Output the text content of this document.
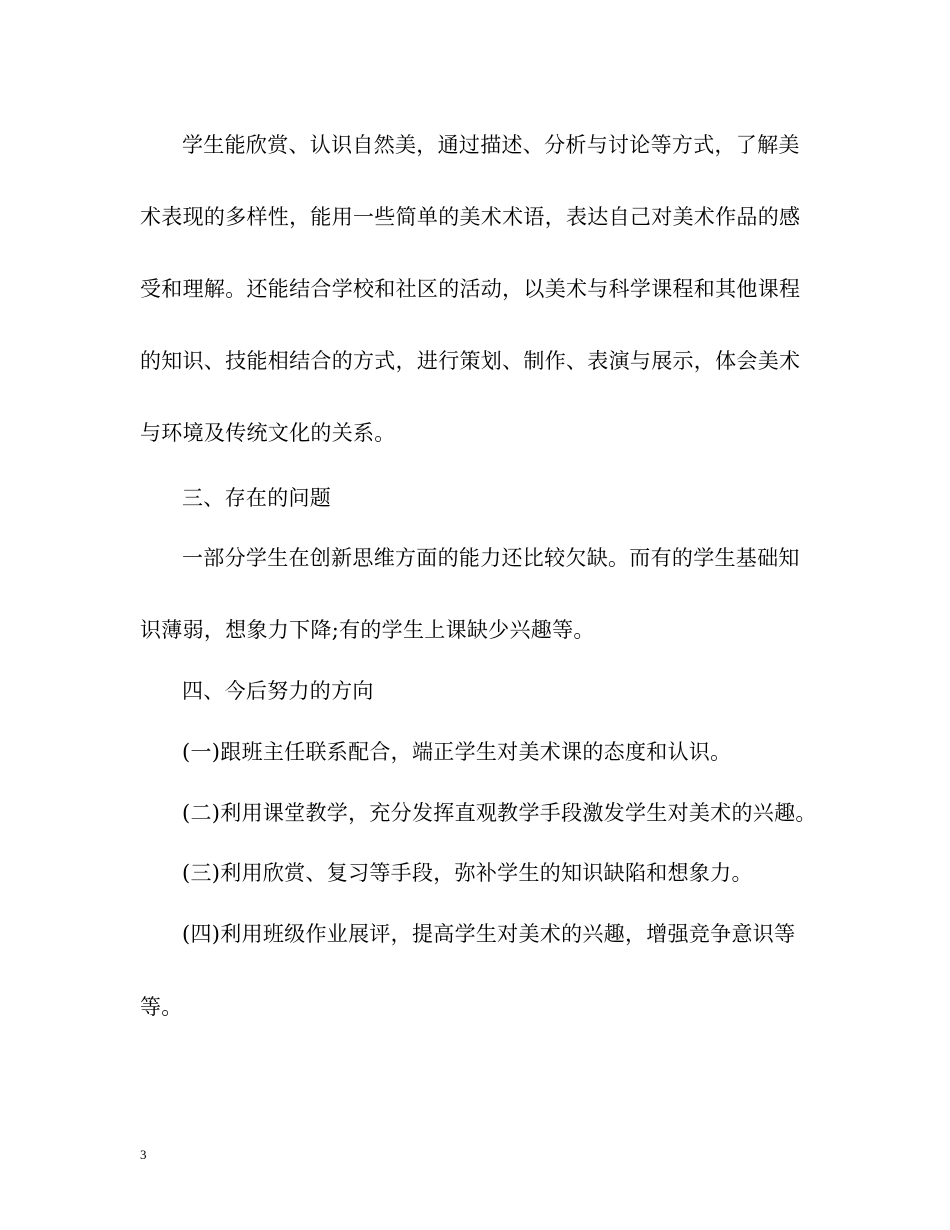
学生能欣赏、认识自然美，通过描述、分析与讨论等方式，了解美
术表现的多样性，能用一些简单的美术术语，表达自己对美术作品的感
受和理解。还能结合学校和社区的活动，以美术与科学课程和其他课程
的知识、技能相结合的方式，进行策划、制作、表演与展示，体会美术
与环境及传统文化的关系。
三、存在的问题
一部分学生在创新思维方面的能力还比较欠缺。而有的学生基础知
识薄弱，想象力下降;有的学生上课缺少兴趣等。
四、今后努力的方向
(一)跟班主任联系配合，端正学生对美术课的态度和认识。
(二)利用课堂教学，充分发挥直观教学手段激发学生对美术的兴趣。
(三)利用欣赏、复习等手段，弥补学生的知识缺陷和想象力。
(四)利用班级作业展评，提高学生对美术的兴趣，增强竞争意识等
等。
3
